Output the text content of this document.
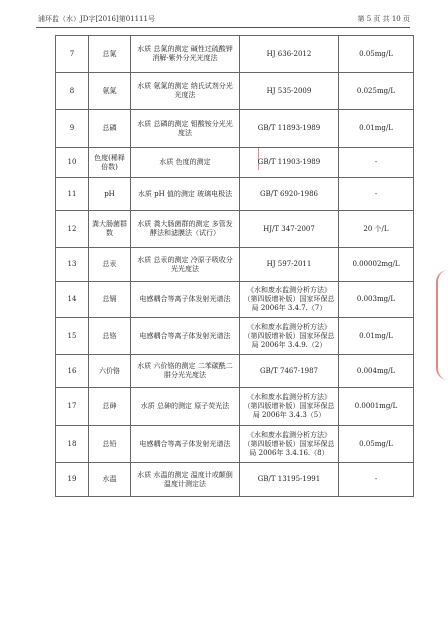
浦环监（水）JD字[2016]第01111号	第 5 页 共 10 页
7	总氮	水质 总氮的测定 碱性过硫酸钾消解-紫外分光光度法	HJ 636-2012	0.05mg/L
8	氨氮	水质 氨氮的测定 纳氏试剂分光光度法	HJ 535-2009	0.025mg/L
9	总磷	水质 总磷的测定 钼酸铵分光光度法	GB/T 11893-1989	0.01mg/L
10	色度(稀释倍数)	水质 色度的测定	GB/T 11903-1989	-
11	pH	水质 pH 值的测定 玻璃电极法	GB/T 6920-1986	-
12	粪大肠菌群数	水质 粪大肠菌群的测定 多管发酵法和滤膜法（试行）	HJ/T 347-2007	20 个/L
13	总汞	水质 总汞的测定 冷原子吸收分光光度法	HJ 597-2011	0.00002mg/L
14	总镉	电感耦合等离子体发射光谱法	《水和废水监测分析方法》（第四版增补版）国家环保总局 2006年 3.4.7.（7）	0.003mg/L
15	总铬	电感耦合等离子体发射光谱法	《水和废水监测分析方法》（第四版增补版）国家环保总局 2006年 3.4.9.（2）	0.01mg/L
16	六价铬	水质 六价铬的测定 二苯碳酰二肼分光光度法	GB/T 7467-1987	0.004mg/L
17	总砷	水质 总砷的测定 原子荧光法	《水和废水监测分析方法》（第四版增补版）国家环保总局 2006年 3.4.3（5）	0.0001mg/L
18	总铅	电感耦合等离子体发射光谱法	《水和废水监测分析方法》（第四版增补版）国家环保总局 2006年 3.4.16.（8）	0.05mg/L
19	水温	水质 水温的测定 温度计或颠倒温度计测定法	GB/T 13195-1991	-
